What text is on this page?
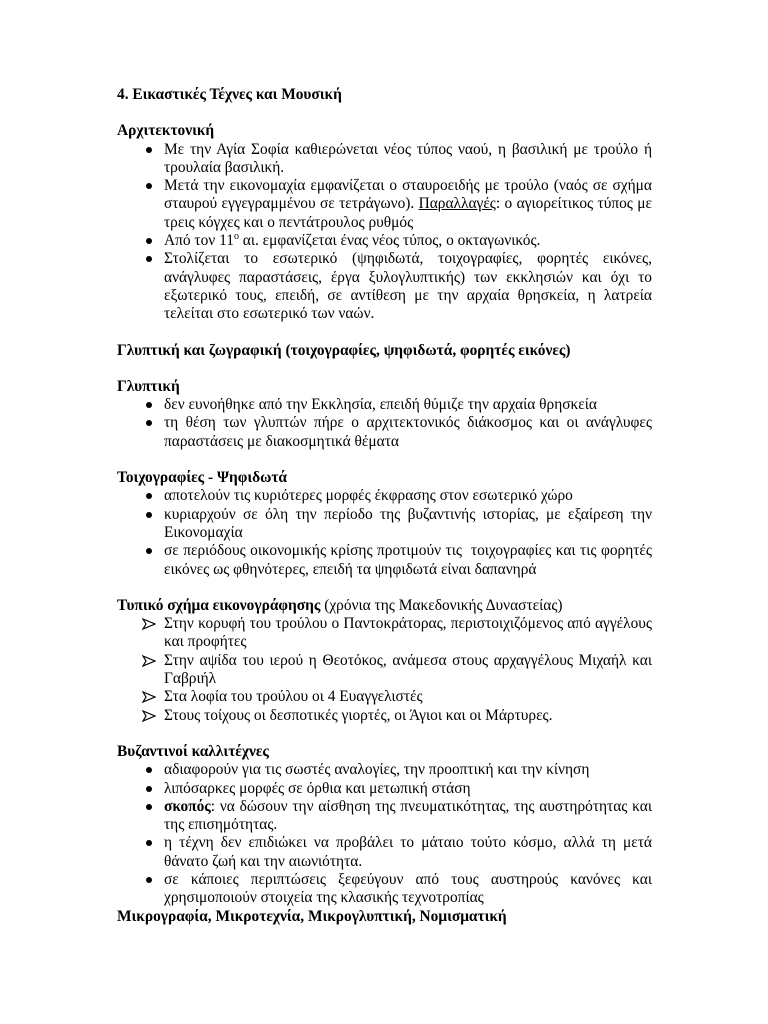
4. Εικαστικές Τέχνες και Μουσική
Αρχιτεκτονική
Με την Αγία Σοφία καθιερώνεται νέος τύπος ναού, η βασιλική με τρούλο ή τρουλαία βασιλική.
Μετά την εικονομαχία εμφανίζεται ο σταυροειδής με τρούλο (ναός σε σχήμα σταυρού εγγεγραμμένου σε τετράγωνο). Παραλλαγές: ο αγιορείτικος τύπος με τρεις κόγχες και ο πεντάτρουλος ρυθμός
Από τον $11^o$ αι. εμφανίζεται ένας νέος τύπος, ο οκταγωνικός.
Στολίζεται το εσωτερικό (ψηφιδωτά, τοιχογραφίες, φορητές εικόνες, ανάγλυφες παραστάσεις, έργα ξυλογλυπτικής) των εκκλησιών και όχι το εξωτερικό τους, επειδή, σε αντίθεση με την αρχαία θρησκεία, η λατρεία τελείται στο εσωτερικό των ναών.
Γλυπτική και ζωγραφική (τοιχογραφίες, ψηφιδωτά, φορητές εικόνες)
Γλυπτική
δεν ευνοήθηκε από την Εκκλησία, επειδή θύμιζε την αρχαία θρησκεία
τη θέση των γλυπτών πήρε ο αρχιτεκτονικός διάκοσμος και οι ανάγλυφες παραστάσεις με διακοσμητικά θέματα
Τοιχογραφίες - Ψηφιδωτά
αποτελούν τις κυριότερες μορφές έκφρασης στον εσωτερικό χώρο
κυριαρχούν σε όλη την περίοδο της βυζαντινής ιστορίας, με εξαίρεση την Εικονομαχία
σε περιόδους οικονομικής κρίσης προτιμούν τις  τοιχογραφίες και τις φορητές  εικόνες ως φθηνότερες, επειδή τα ψηφιδωτά είναι δαπανηρά
Τυπικό σχήμα εικονογράφησης (χρόνια της Μακεδονικής Δυναστείας)
Στην κορυφή του τρούλου ο Παντοκράτορας, περιστοιχιζόμενος από αγγέλους και προφήτες
Στην αψίδα του ιερού η Θεοτόκος, ανάμεσα στους αρχαγγέλους Μιχαήλ και Γαβριήλ
Στα λοφία του τρούλου οι 4 Ευαγγελιστές
Στους τοίχους οι δεσποτικές γιορτές, οι Άγιοι και οι Μάρτυρες.
Βυζαντινοί καλλιτέχνες
αδιαφορούν για τις σωστές αναλογίες, την προοπτική και την κίνηση
λιπόσαρκες μορφές σε όρθια και μετωπική στάση
σκοπός: να δώσουν την αίσθηση της πνευματικότητας, της αυστηρότητας και της επισημότητας.
η τέχνη δεν επιδιώκει να προβάλει το μάταιο τούτο κόσμο, αλλά τη μετά θάνατο ζωή και την αιωνιότητα.
σε κάποιες περιπτώσεις ξεφεύγουν από τους αυστηρούς κανόνες και χρησιμοποιούν στοιχεία της κλασικής τεχνοτροπίας
Μικρογραφία, Μικροτεχνία, Μικρογλυπτική, Νομισματική
